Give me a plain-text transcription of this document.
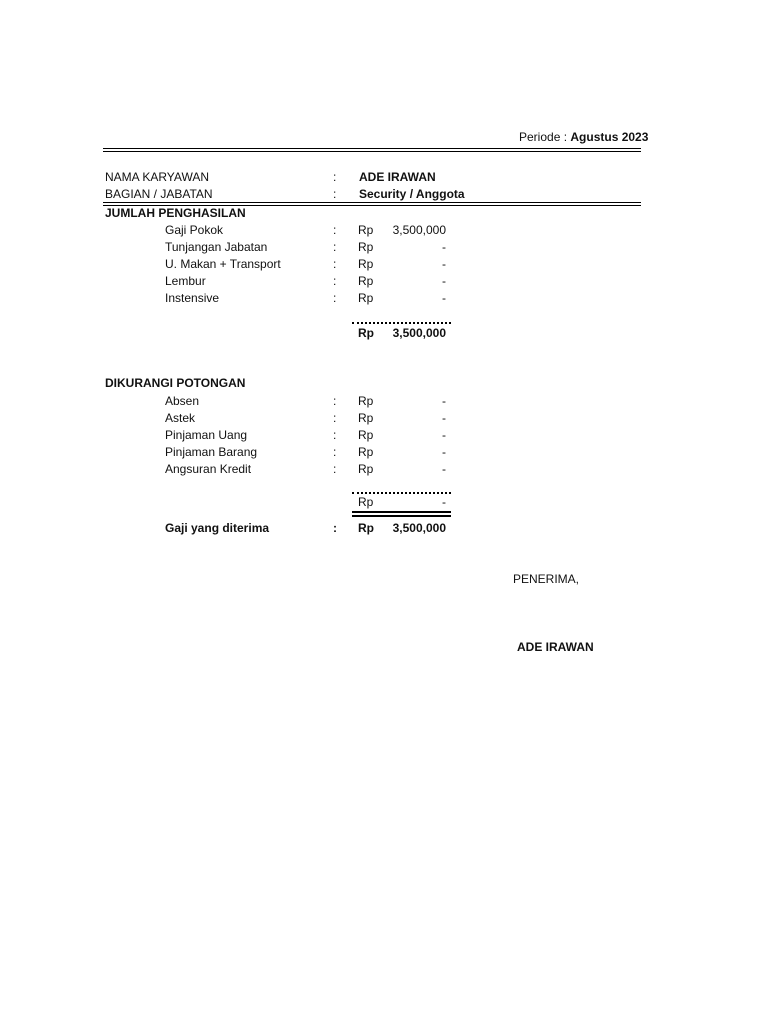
Periode : Agustus 2023
NAMA KARYAWAN	: ADE IRAWAN
BAGIAN / JABATAN	: Security / Anggota
JUMLAH PENGHASILAN
Gaji Pokok	: Rp	3,500,000
Tunjangan Jabatan	: Rp	-
U. Makan + Transport	: Rp	-
Lembur	: Rp	-
Instensive	: Rp	-
Rp	3,500,000
DIKURANGI POTONGAN
Absen	: Rp	-
Astek	: Rp	-
Pinjaman Uang	: Rp	-
Pinjaman Barang	: Rp	-
Angsuran Kredit	: Rp	-
Rp	-
Gaji yang diterima	: Rp	3,500,000
PENERIMA,
ADE IRAWAN
